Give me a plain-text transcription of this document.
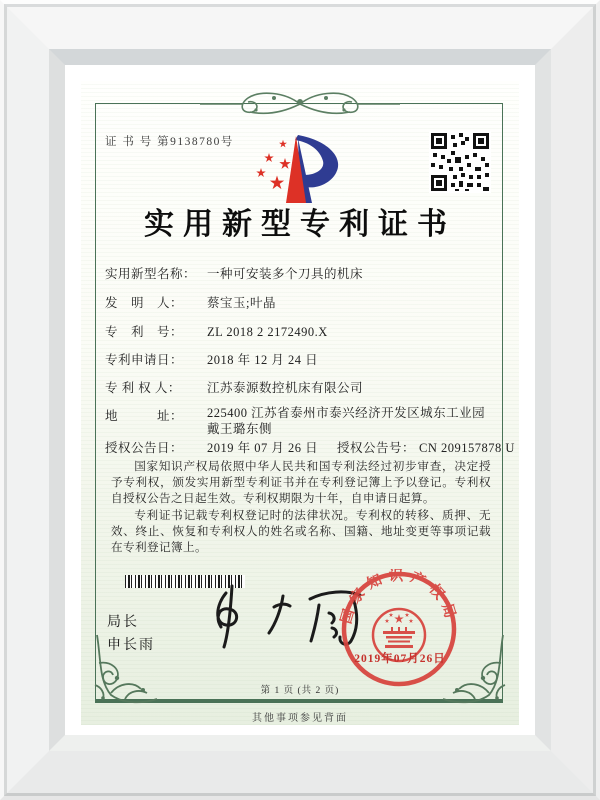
证 书 号 第9138780号
实用新型专利证书
实用新型名称： 一种可安装多个刀具的机床
发　明　人： 蔡宝玉;叶晶
专　利　号： ZL 2018 2 2172490.X
专利申请日： 2018 年 12 月 24 日
专 利 权 人： 江苏泰源数控机床有限公司
地　　　址： 225400 江苏省泰州市泰兴经济开发区城东工业园戴王璐东侧
授权公告日： 2019 年 07 月 26 日 授权公告号： CN 209157878 U

国家知识产权局依照中华人民共和国专利法经过初步审查，决定授予专利权，颁发实用新型专利证书并在专利登记簿上予以登记。专利权自授权公告之日起生效。专利权期限为十年，自申请日起算。

专利证书记载专利权登记时的法律状况。专利权的转移、质押、无效、终止、恢复和专利权人的姓名或名称、国籍、地址变更等事项记载在专利登记簿上。

局长
申长雨
国家知识产权局
2019年07月26日
第 1 页 (共 2 页)
其他事项参见背面
